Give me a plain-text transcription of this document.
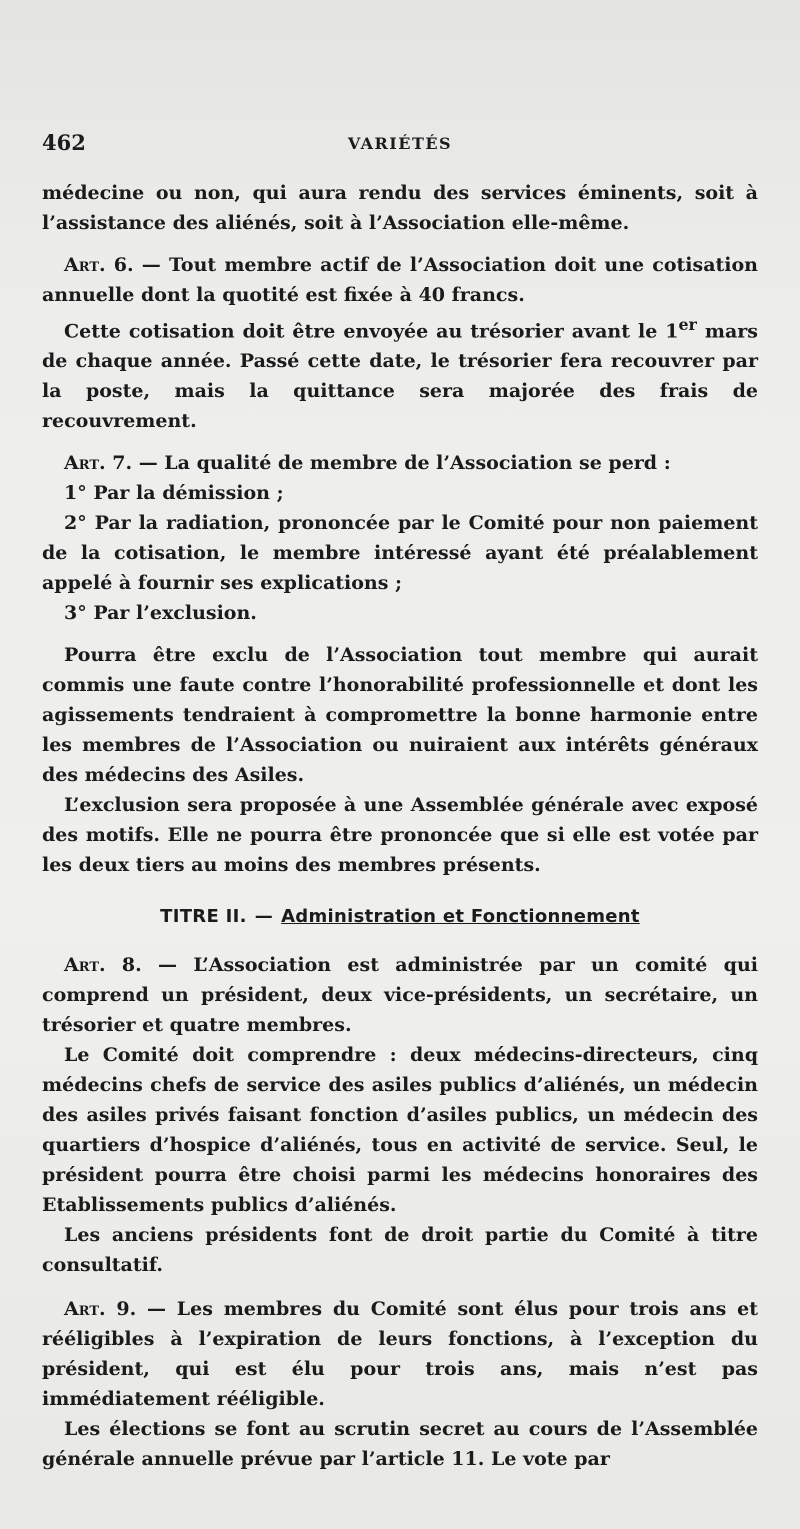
462	VARIÉTÉS

médecine ou non, qui aura rendu des services éminents, soit à l’assistance des aliénés, soit à l’Association elle-même.

Art. 6. — Tout membre actif de l’Association doit une cotisation annuelle dont la quotité est fixée à 40 francs.

Cette cotisation doit être envoyée au trésorier avant le 1er mars de chaque année. Passé cette date, le trésorier fera recouvrer par la poste, mais la quittance sera majorée des frais de recouvrement.

Art. 7. — La qualité de membre de l’Association se perd :

1° Par la démission ;

2° Par la radiation, prononcée par le Comité pour non paiement de la cotisation, le membre intéressé ayant été préalablement appelé à fournir ses explications ;

3° Par l’exclusion.

Pourra être exclu de l’Association tout membre qui aurait commis une faute contre l’honorabilité professionnelle et dont les agissements tendraient à compromettre la bonne harmonie entre les membres de l’Association ou nuiraient aux intérêts généraux des médecins des Asiles.

L’exclusion sera proposée à une Assemblée générale avec exposé des motifs. Elle ne pourra être prononcée que si elle est votée par les deux tiers au moins des membres présents.

TITRE II. — Administration et Fonctionnement

Art. 8. — L’Association est administrée par un comité qui comprend un président, deux vice-présidents, un secrétaire, un trésorier et quatre membres.

Le Comité doit comprendre : deux médecins-directeurs, cinq médecins chefs de service des asiles publics d’aliénés, un médecin des asiles privés faisant fonction d’asiles publics, un médecin des quartiers d’hospice d’aliénés, tous en activité de service. Seul, le président pourra être choisi parmi les médecins honoraires des Etablissements publics d’aliénés.

Les anciens présidents font de droit partie du Comité à titre consultatif.

Art. 9. — Les membres du Comité sont élus pour trois ans et rééligibles à l’expiration de leurs fonctions, à l’exception du président, qui est élu pour trois ans, mais n’est pas immédiatement rééligible.

Les élections se font au scrutin secret au cours de l’Assemblée générale annuelle prévue par l’article 11. Le vote par
